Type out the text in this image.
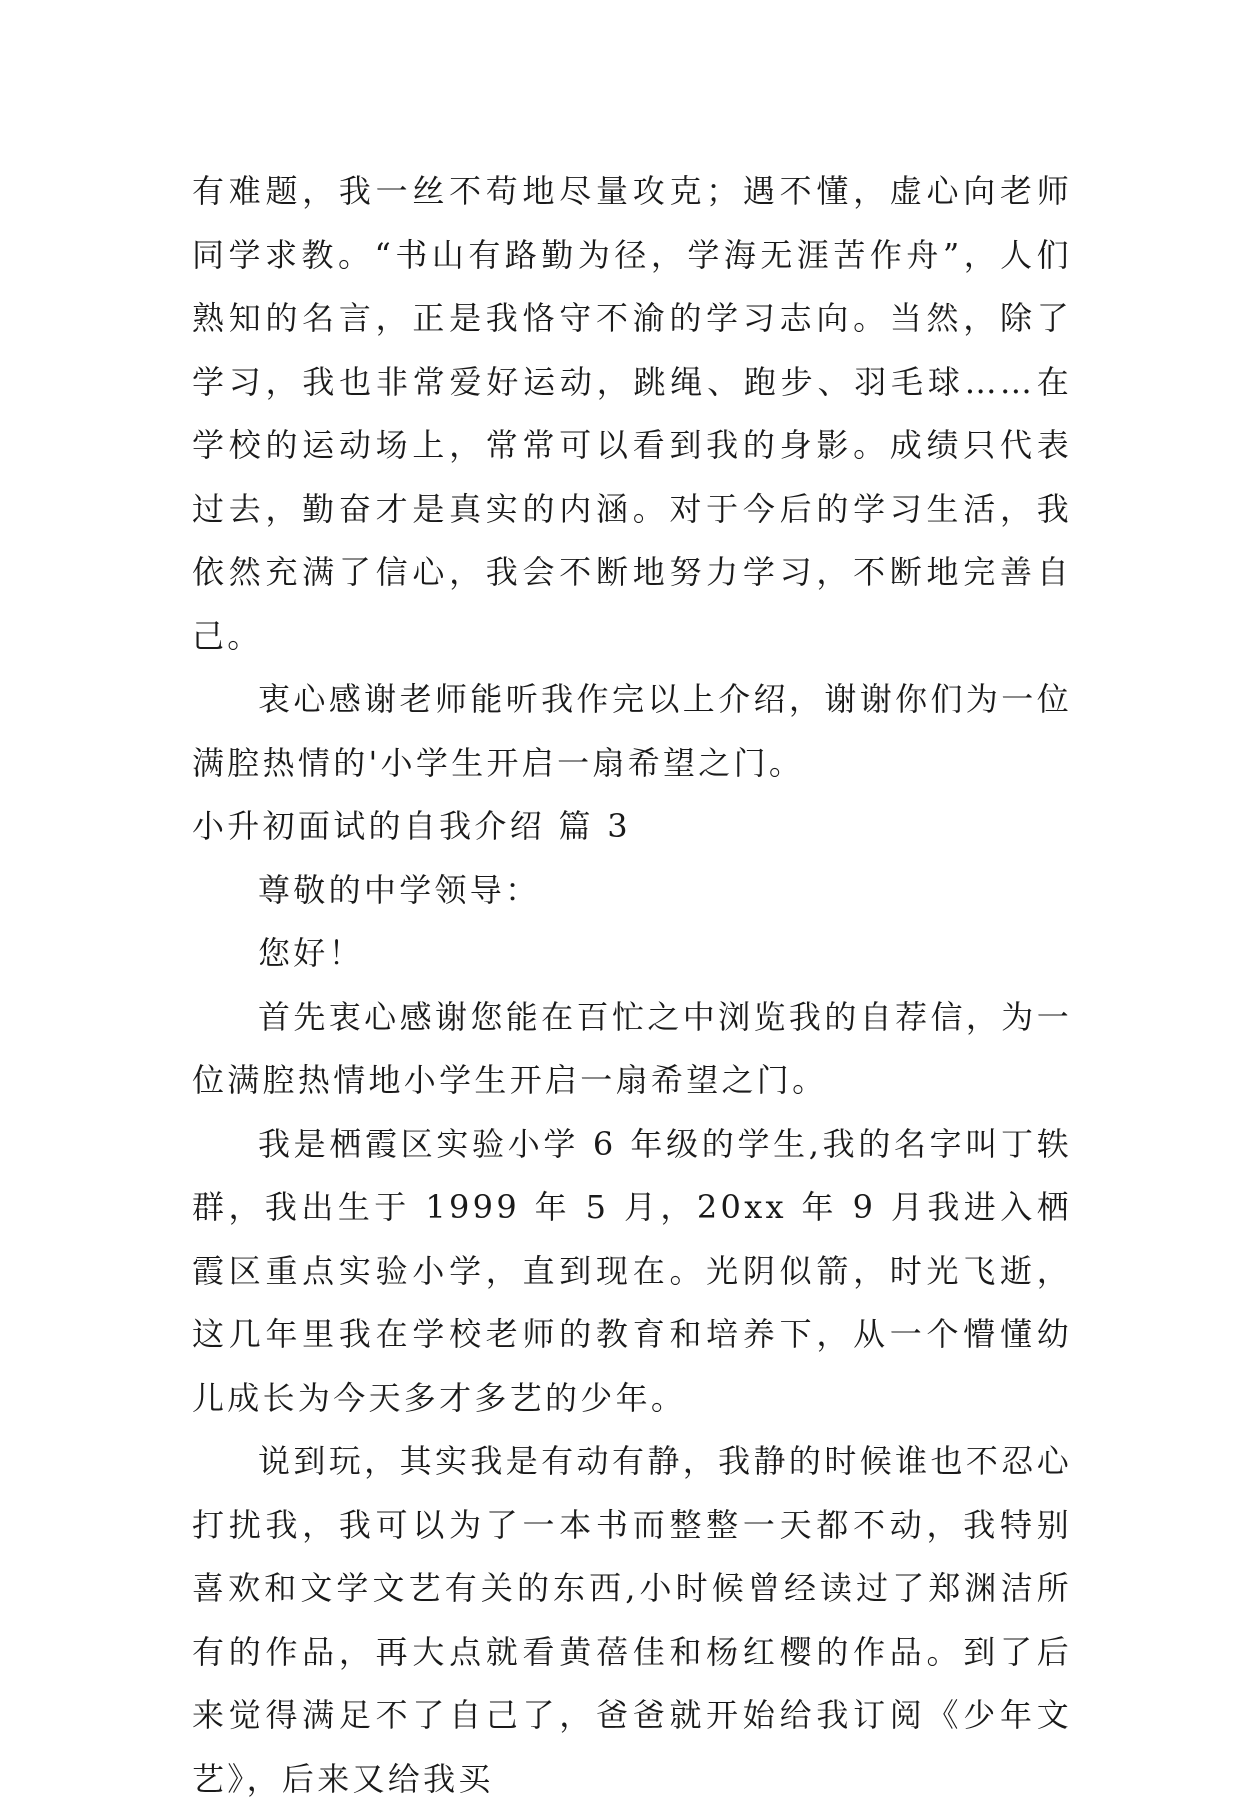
有难题，我一丝不苟地尽量攻克；遇不懂，虚心向老师同学求教。“书山有路勤为径，学海无涯苦作舟”，人们熟知的名言，正是我恪守不渝的学习志向。当然，除了学习，我也非常爱好运动，跳绳、跑步、羽毛球……在学校的运动场上，常常可以看到我的身影。成绩只代表过去，勤奋才是真实的内涵。对于今后的学习生活，我依然充满了信心，我会不断地努力学习，不断地完善自己。

衷心感谢老师能听我作完以上介绍，谢谢你们为一位满腔热情的'小学生开启一扇希望之门。

小升初面试的自我介绍 篇 3

尊敬的中学领导：

您好！

首先衷心感谢您能在百忙之中浏览我的自荐信，为一位满腔热情地小学生开启一扇希望之门。

我是栖霞区实验小学 6 年级的学生,我的名字叫丁轶群，我出生于 1999 年 5 月，20xx 年 9 月我进入栖霞区重点实验小学，直到现在。光阴似箭，时光飞逝，这几年里我在学校老师的教育和培养下，从一个懵懂幼儿成长为今天多才多艺的少年。

说到玩，其实我是有动有静，我静的时候谁也不忍心打扰我，我可以为了一本书而整整一天都不动，我特别喜欢和文学文艺有关的东西,小时候曾经读过了郑渊洁所有的作品，再大点就看黄蓓佳和杨红樱的作品。到了后来觉得满足不了自己了，爸爸就开始给我订阅《少年文艺》，后来又给我买
